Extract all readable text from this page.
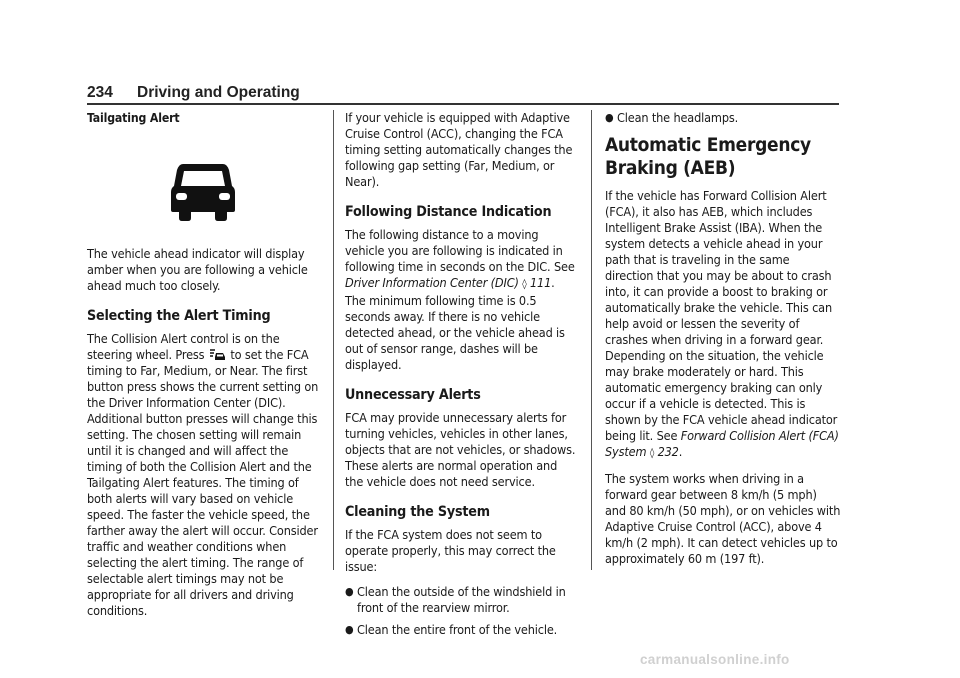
234 Driving and Operating

Tailgating Alert

The vehicle ahead indicator will display amber when you are following a vehicle ahead much too closely.

Selecting the Alert Timing

The Collision Alert control is on the steering wheel. Press to set the FCA timing to Far, Medium, or Near. The first button press shows the current setting on the Driver Information Center (DIC). Additional button presses will change this setting. The chosen setting will remain until it is changed and will affect the timing of both the Collision Alert and the Tailgating Alert features. The timing of both alerts will vary based on vehicle speed. The faster the vehicle speed, the farther away the alert will occur. Consider traffic and weather conditions when selecting the alert timing. The range of selectable alert timings may not be appropriate for all drivers and driving conditions.

If your vehicle is equipped with Adaptive Cruise Control (ACC), changing the FCA timing setting automatically changes the following gap setting (Far, Medium, or Near).

Following Distance Indication

The following distance to a moving vehicle you are following is indicated in following time in seconds on the DIC. See Driver Information Center (DIC) ◊ 111. The minimum following time is 0.5 seconds away. If there is no vehicle detected ahead, or the vehicle ahead is out of sensor range, dashes will be displayed.

Unnecessary Alerts

FCA may provide unnecessary alerts for turning vehicles, vehicles in other lanes, objects that are not vehicles, or shadows. These alerts are normal operation and the vehicle does not need service.

Cleaning the System

If the FCA system does not seem to operate properly, this may correct the issue:

● Clean the outside of the windshield in front of the rearview mirror.
● Clean the entire front of the vehicle.
● Clean the headlamps.
Automatic Emergency
Braking (AEB)

If the vehicle has Forward Collision Alert (FCA), it also has AEB, which includes Intelligent Brake Assist (IBA). When the system detects a vehicle ahead in your path that is traveling in the same direction that you may be about to crash into, it can provide a boost to braking or automatically brake the vehicle. This can help avoid or lessen the severity of crashes when driving in a forward gear. Depending on the situation, the vehicle may brake moderately or hard. This automatic emergency braking can only occur if a vehicle is detected. This is shown by the FCA vehicle ahead indicator being lit. See Forward Collision Alert (FCA) System ◊ 232.

The system works when driving in a forward gear between 8 km/h (5 mph) and 80 km/h (50 mph), or on vehicles with Adaptive Cruise Control (ACC), above 4 km/h (2 mph). It can detect vehicles up to approximately 60 m (197 ft).

carmanualsonline.info
